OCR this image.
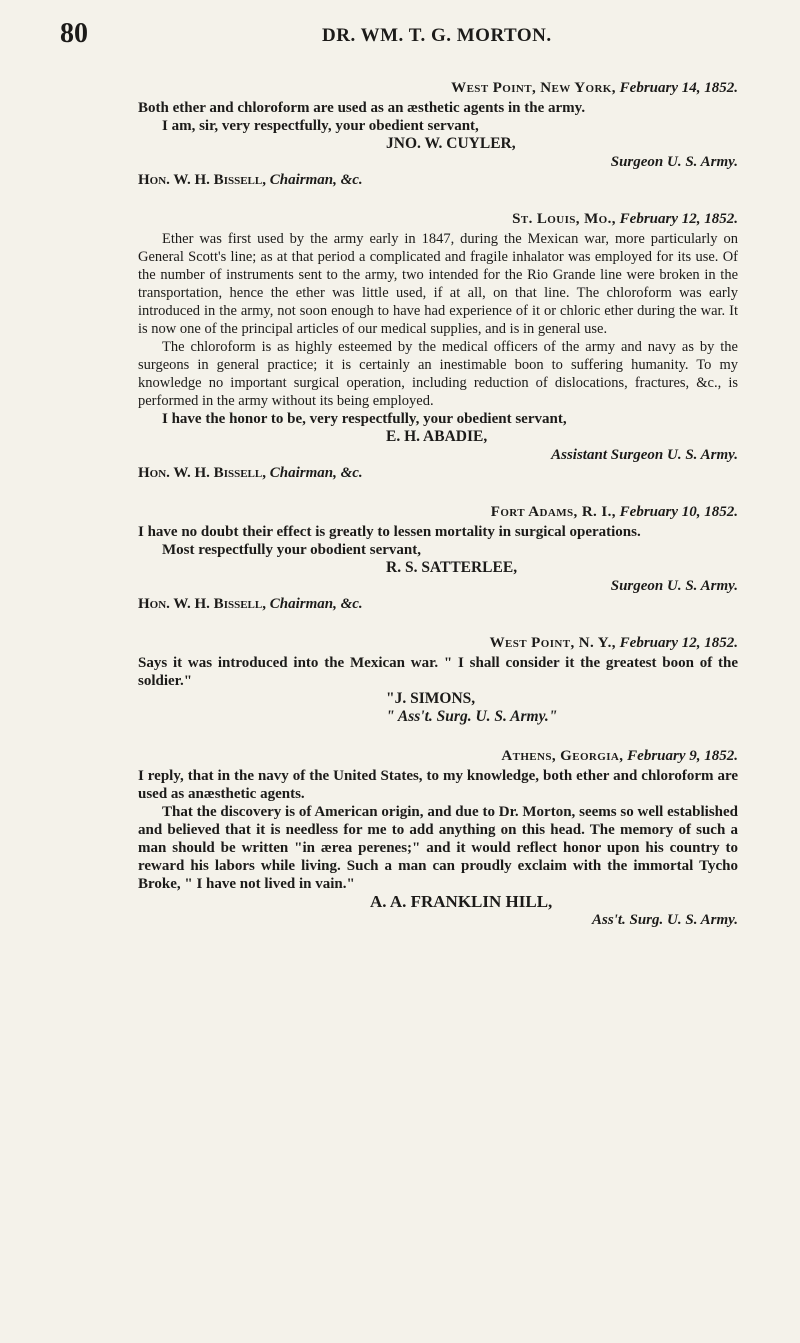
80	DR. WM. T. G. MORTON.
West Point, New York, February 14, 1852.

Both ether and chloroform are used as an æsthetic agents in the army.

I am, sir, very respectfully, your obedient servant,
JNO. W. CUYLER,
Surgeon U. S. Army.
Hon. W. H. Bissell, Chairman, &c.
St. Louis, Mo., February 12, 1852.

Ether was first used by the army early in 1847, during the Mexican war, more particularly on General Scott's line; as at that period a complicated and fragile inhalator was employed for its use. Of the number of instruments sent to the army, two intended for the Rio Grande line were broken in the transportation, hence the ether was little used, if at all, on that line. The chloroform was early introduced in the army, not soon enough to have had experience of it or chloric ether during the war. It is now one of the principal articles of our medical supplies, and is in general use.

The chloroform is as highly esteemed by the medical officers of the army and navy as by the surgeons in general practice; it is certainly an inestimable boon to suffering humanity. To my knowledge no important surgical operation, including reduction of dislocations, fractures, &c., is performed in the army without its being employed.

I have the honor to be, very respectfully, your obedient servant,
E. H. ABADIE,
Assistant Surgeon U. S. Army.
Hon. W. H. Bissell, Chairman, &c.
Fort Adams, R. I., February 10, 1852.

I have no doubt their effect is greatly to lessen mortality in surgical operations.

Most respectfully your obodient servant,
R. S. SATTERLEE,
Surgeon U. S. Army.
Hon. W. H. Bissell, Chairman, &c.
West Point, N. Y., February 12, 1852.

Says it was introduced into the Mexican war. " I shall consider it the greatest boon of the soldier."

"J. SIMONS,
" Ass't. Surg. U. S. Army."
Athens, Georgia, February 9, 1852.

I reply, that in the navy of the United States, to my knowledge, both ether and chloroform are used as anæsthetic agents.

That the discovery is of American origin, and due to Dr. Morton, seems so well established and believed that it is needless for me to add anything on this head. The memory of such a man should be written "in ærea perenes;" and it would reflect honor upon his country to reward his labors while living. Such a man can proudly exclaim with the immortal Tycho Broke, " I have not lived in vain."

A. A. FRANKLIN HILL,
Ass't. Surg. U. S. Army.
